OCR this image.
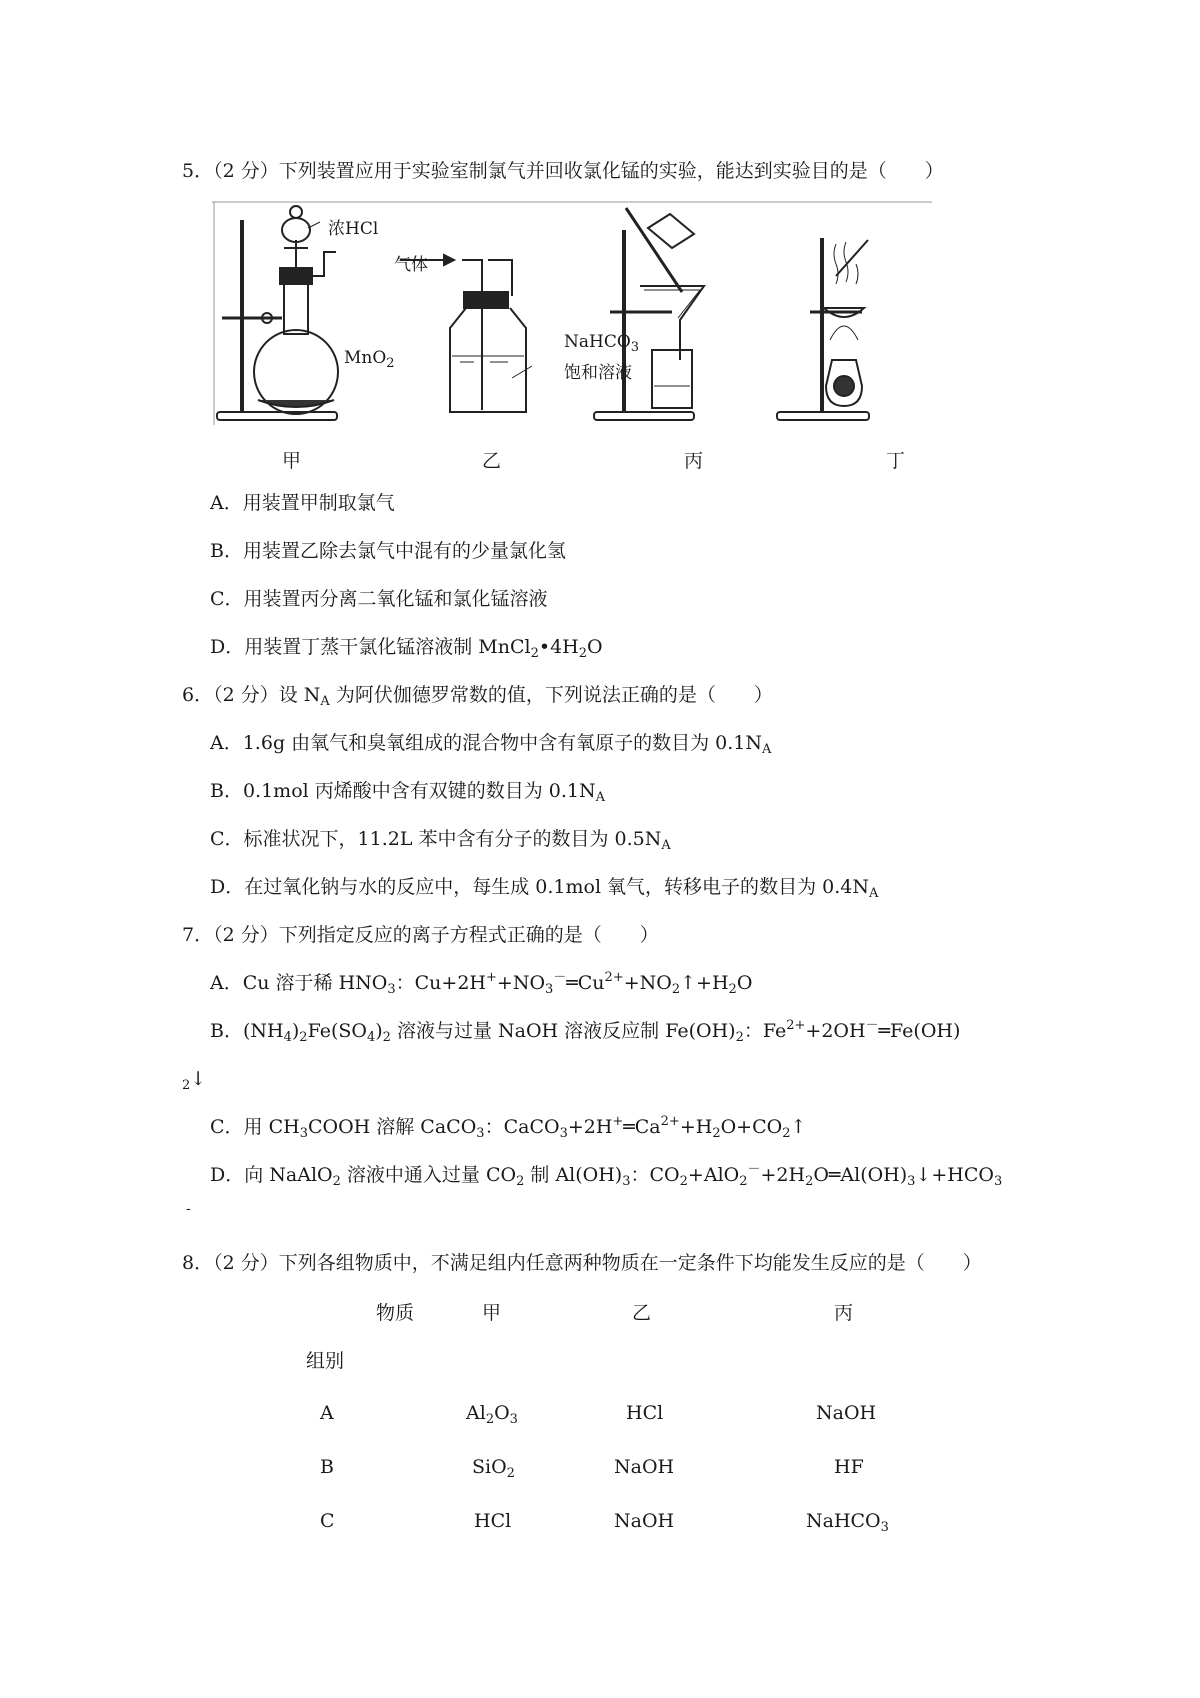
5．（2 分）下列装置应用于实验室制氯气并回收氯化锰的实验，能达到实验目的是（　　）
浓HCl
MnO$_2$
气体
NaHCO$_3$
饱和溶液
甲	乙	丙	丁
A．用装置甲制取氯气
B．用装置乙除去氯气中混有的少量氯化氢
C．用装置丙分离二氧化锰和氯化锰溶液
D．用装置丁蒸干氯化锰溶液制 $MnCl_2•4H_2O$
6．（2 分）设 $N_A$ 为阿伏伽德罗常数的值，下列说法正确的是（　　）
A．1.6g 由氧气和臭氧组成的混合物中含有氧原子的数目为 $0.1N_A$
B．0.1mol 丙烯酸中含有双键的数目为 $0.1N_A$
C．标准状况下，11.2L 苯中含有分子的数目为 $0.5N_A$
D．在过氧化钠与水的反应中，每生成 0.1mol 氧气，转移电子的数目为 $0.4N_A$
7．（2 分）下列指定反应的离子方程式正确的是（　　）
A．Cu 溶于稀 $HNO_3$：$Cu+2H^++NO_3^-═Cu^{2+}+NO_2↑+H_2O$
B．$(NH_4)_2Fe(SO_4)_2$ 溶液与过量 NaOH 溶液反应制 $Fe(OH)_2$：$Fe^{2+}+2OH^-═Fe(OH)$
$_2$↓
C．用 $CH_3COOH$ 溶解 CaCO$_3$：$CaCO_3+2H^+═Ca^{2+}+H_2O+CO_2↑$
D．向 NaAlO$_2$ 溶液中通入过量 $CO_2$ 制 $Al(OH)_3$：$CO_2+AlO_2^-+2H_2O═Al(OH)_3↓+HCO_3$
-
8．（2 分）下列各组物质中，不满足组内任意两种物质在一定条件下均能发生反应的是（　　）
物质	甲	乙	丙
组别
A	$Al_2O_3$	HCl	NaOH
B	SiO$_2$	NaOH	HF
C	HCl	NaOH	NaHCO$_3$
